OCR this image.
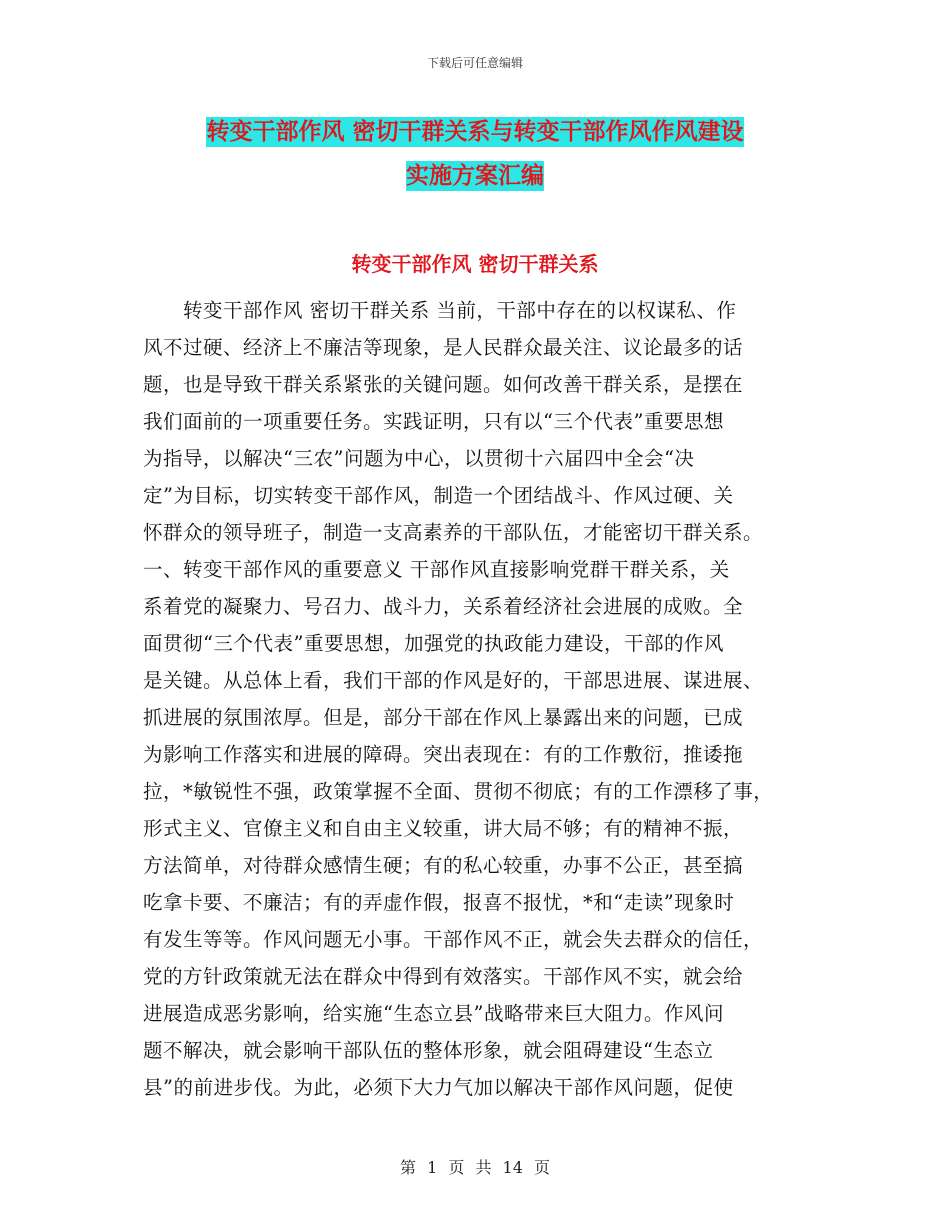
下载后可任意编辑
转变干部作风 密切干群关系与转变干部作风作风建设
实施方案汇编
转变干部作风 密切干群关系
　　转变干部作风 密切干群关系 当前，干部中存在的以权谋私、作
风不过硬、经济上不廉洁等现象，是人民群众最关注、议论最多的话
题，也是导致干群关系紧张的关键问题。如何改善干群关系，是摆在
我们面前的一项重要任务。实践证明，只有以“三个代表”重要思想
为指导，以解决“三农”问题为中心，以贯彻十六届四中全会“决
定”为目标，切实转变干部作风，制造一个团结战斗、作风过硬、关
怀群众的领导班子，制造一支高素养的干部队伍，才能密切干群关系。
一、转变干部作风的重要意义 干部作风直接影响党群干群关系，关
系着党的凝聚力、号召力、战斗力，关系着经济社会进展的成败。全
面贯彻“三个代表”重要思想，加强党的执政能力建设，干部的作风
是关键。从总体上看，我们干部的作风是好的，干部思进展、谋进展、
抓进展的氛围浓厚。但是，部分干部在作风上暴露出来的问题，已成
为影响工作落实和进展的障碍。突出表现在：有的工作敷衍，推诿拖
拉，*敏锐性不强，政策掌握不全面、贯彻不彻底；有的工作漂移了事，
形式主义、官僚主义和自由主义较重，讲大局不够；有的精神不振，
方法简单，对待群众感情生硬；有的私心较重，办事不公正，甚至搞
吃拿卡要、不廉洁；有的弄虚作假，报喜不报忧，*和“走读”现象时
有发生等等。作风问题无小事。干部作风不正，就会失去群众的信任，
党的方针政策就无法在群众中得到有效落实。干部作风不实，就会给
进展造成恶劣影响，给实施“生态立县”战略带来巨大阻力。作风问
题不解决，就会影响干部队伍的整体形象，就会阻碍建设“生态立
县”的前进步伐。为此，必须下大力气加以解决干部作风问题，促使
第 1 页 共 14 页
